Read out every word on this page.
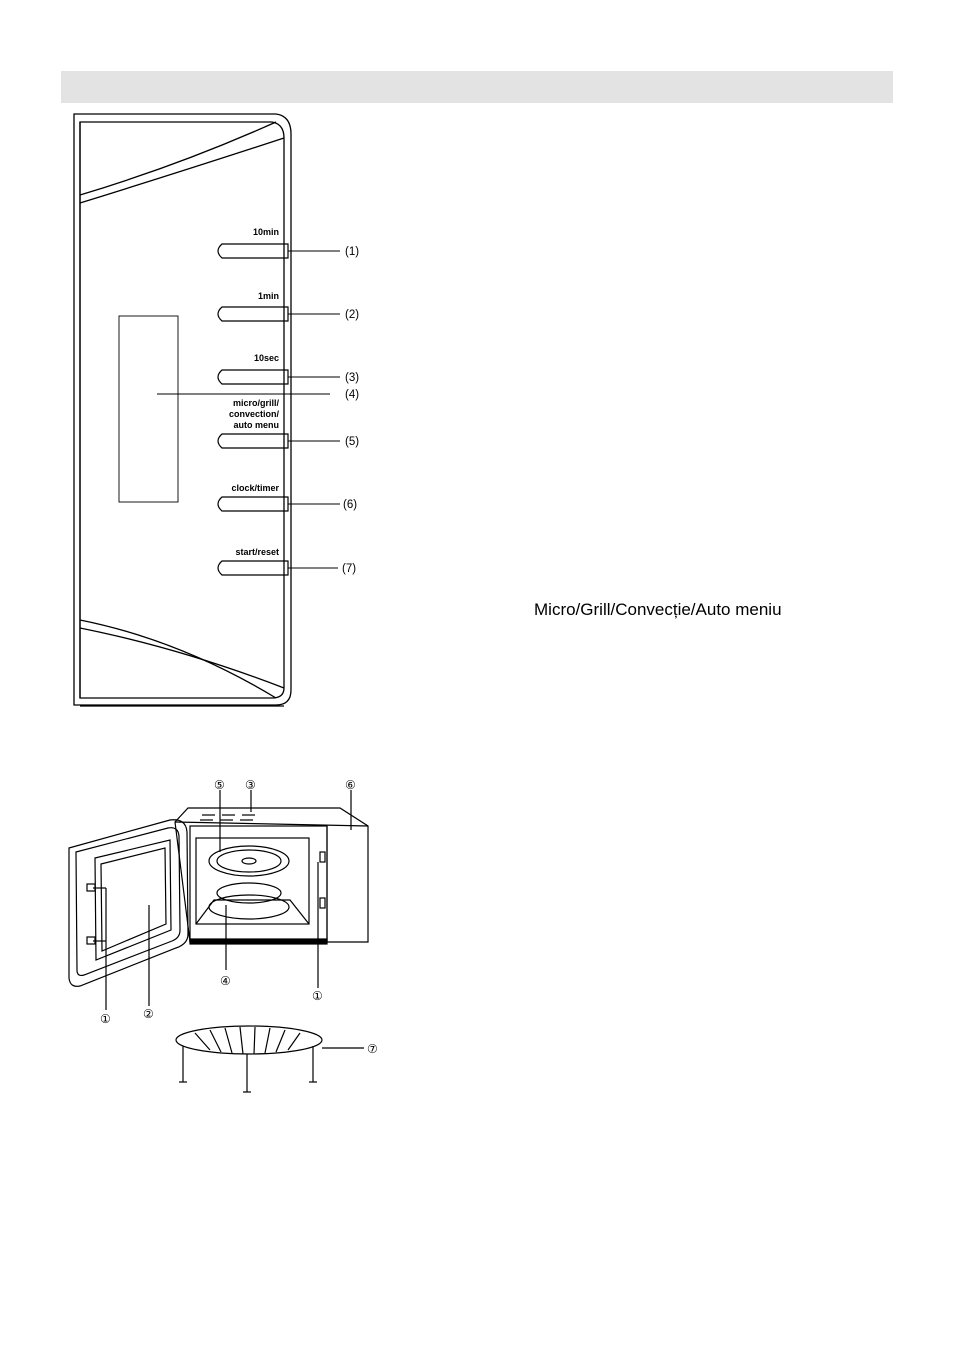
(4)
10min
(1)
1min
(2)
10sec
(3)
micro/grill/
convection/
auto menu
(5)
clock/timer
(6)
start/reset
(7)
⑤ ③	⑥
④
①
①	②
⑦
Micro/Grill/Convecție/Auto meniu
